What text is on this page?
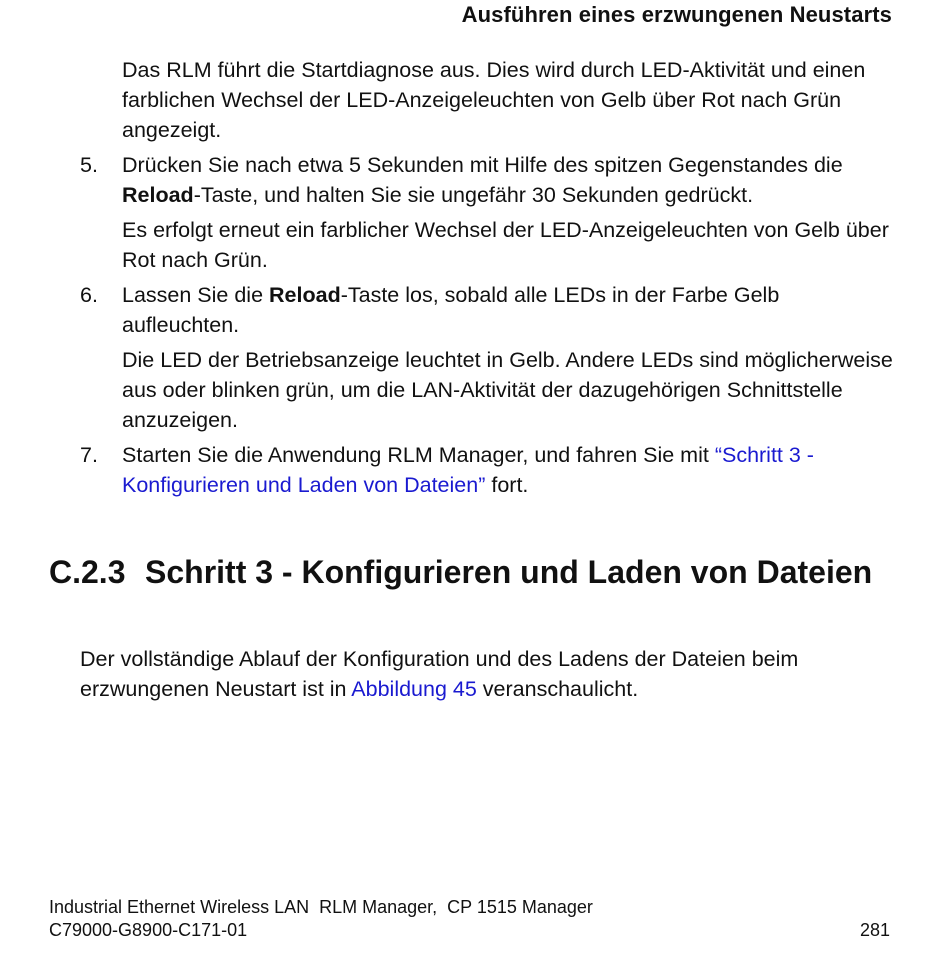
Ausführen eines erzwungenen Neustarts
Das RLM führt die Startdiagnose aus. Dies wird durch LED-Aktivität und einen farblichen Wechsel der LED-Anzeigeleuchten von Gelb über Rot nach Grün angezeigt.
5.	Drücken Sie nach etwa 5 Sekunden mit Hilfe des spitzen Gegenstandes die Reload-Taste, und halten Sie sie ungefähr 30 Sekunden gedrückt.
Es erfolgt erneut ein farblicher Wechsel der LED-Anzeigeleuchten von Gelb über Rot nach Grün.
6.	Lassen Sie die Reload-Taste los, sobald alle LEDs in der Farbe Gelb aufleuchten.
Die LED der Betriebsanzeige leuchtet in Gelb. Andere LEDs sind möglicherweise aus oder blinken grün, um die LAN-Aktivität der dazugehörigen Schnittstelle anzuzeigen.
7.	Starten Sie die Anwendung RLM Manager, und fahren Sie mit “Schritt 3 - Konfigurieren und Laden von Dateien” fort.
C.2.3 Schritt 3 - Konfigurieren und Laden von Dateien
Der vollständige Ablauf der Konfiguration und des Ladens der Dateien beim erzwungenen Neustart ist in Abbildung 45 veranschaulicht.
Industrial Ethernet Wireless LAN  RLM Manager,  CP 1515 Manager
C79000-G8900-C171-01	281
